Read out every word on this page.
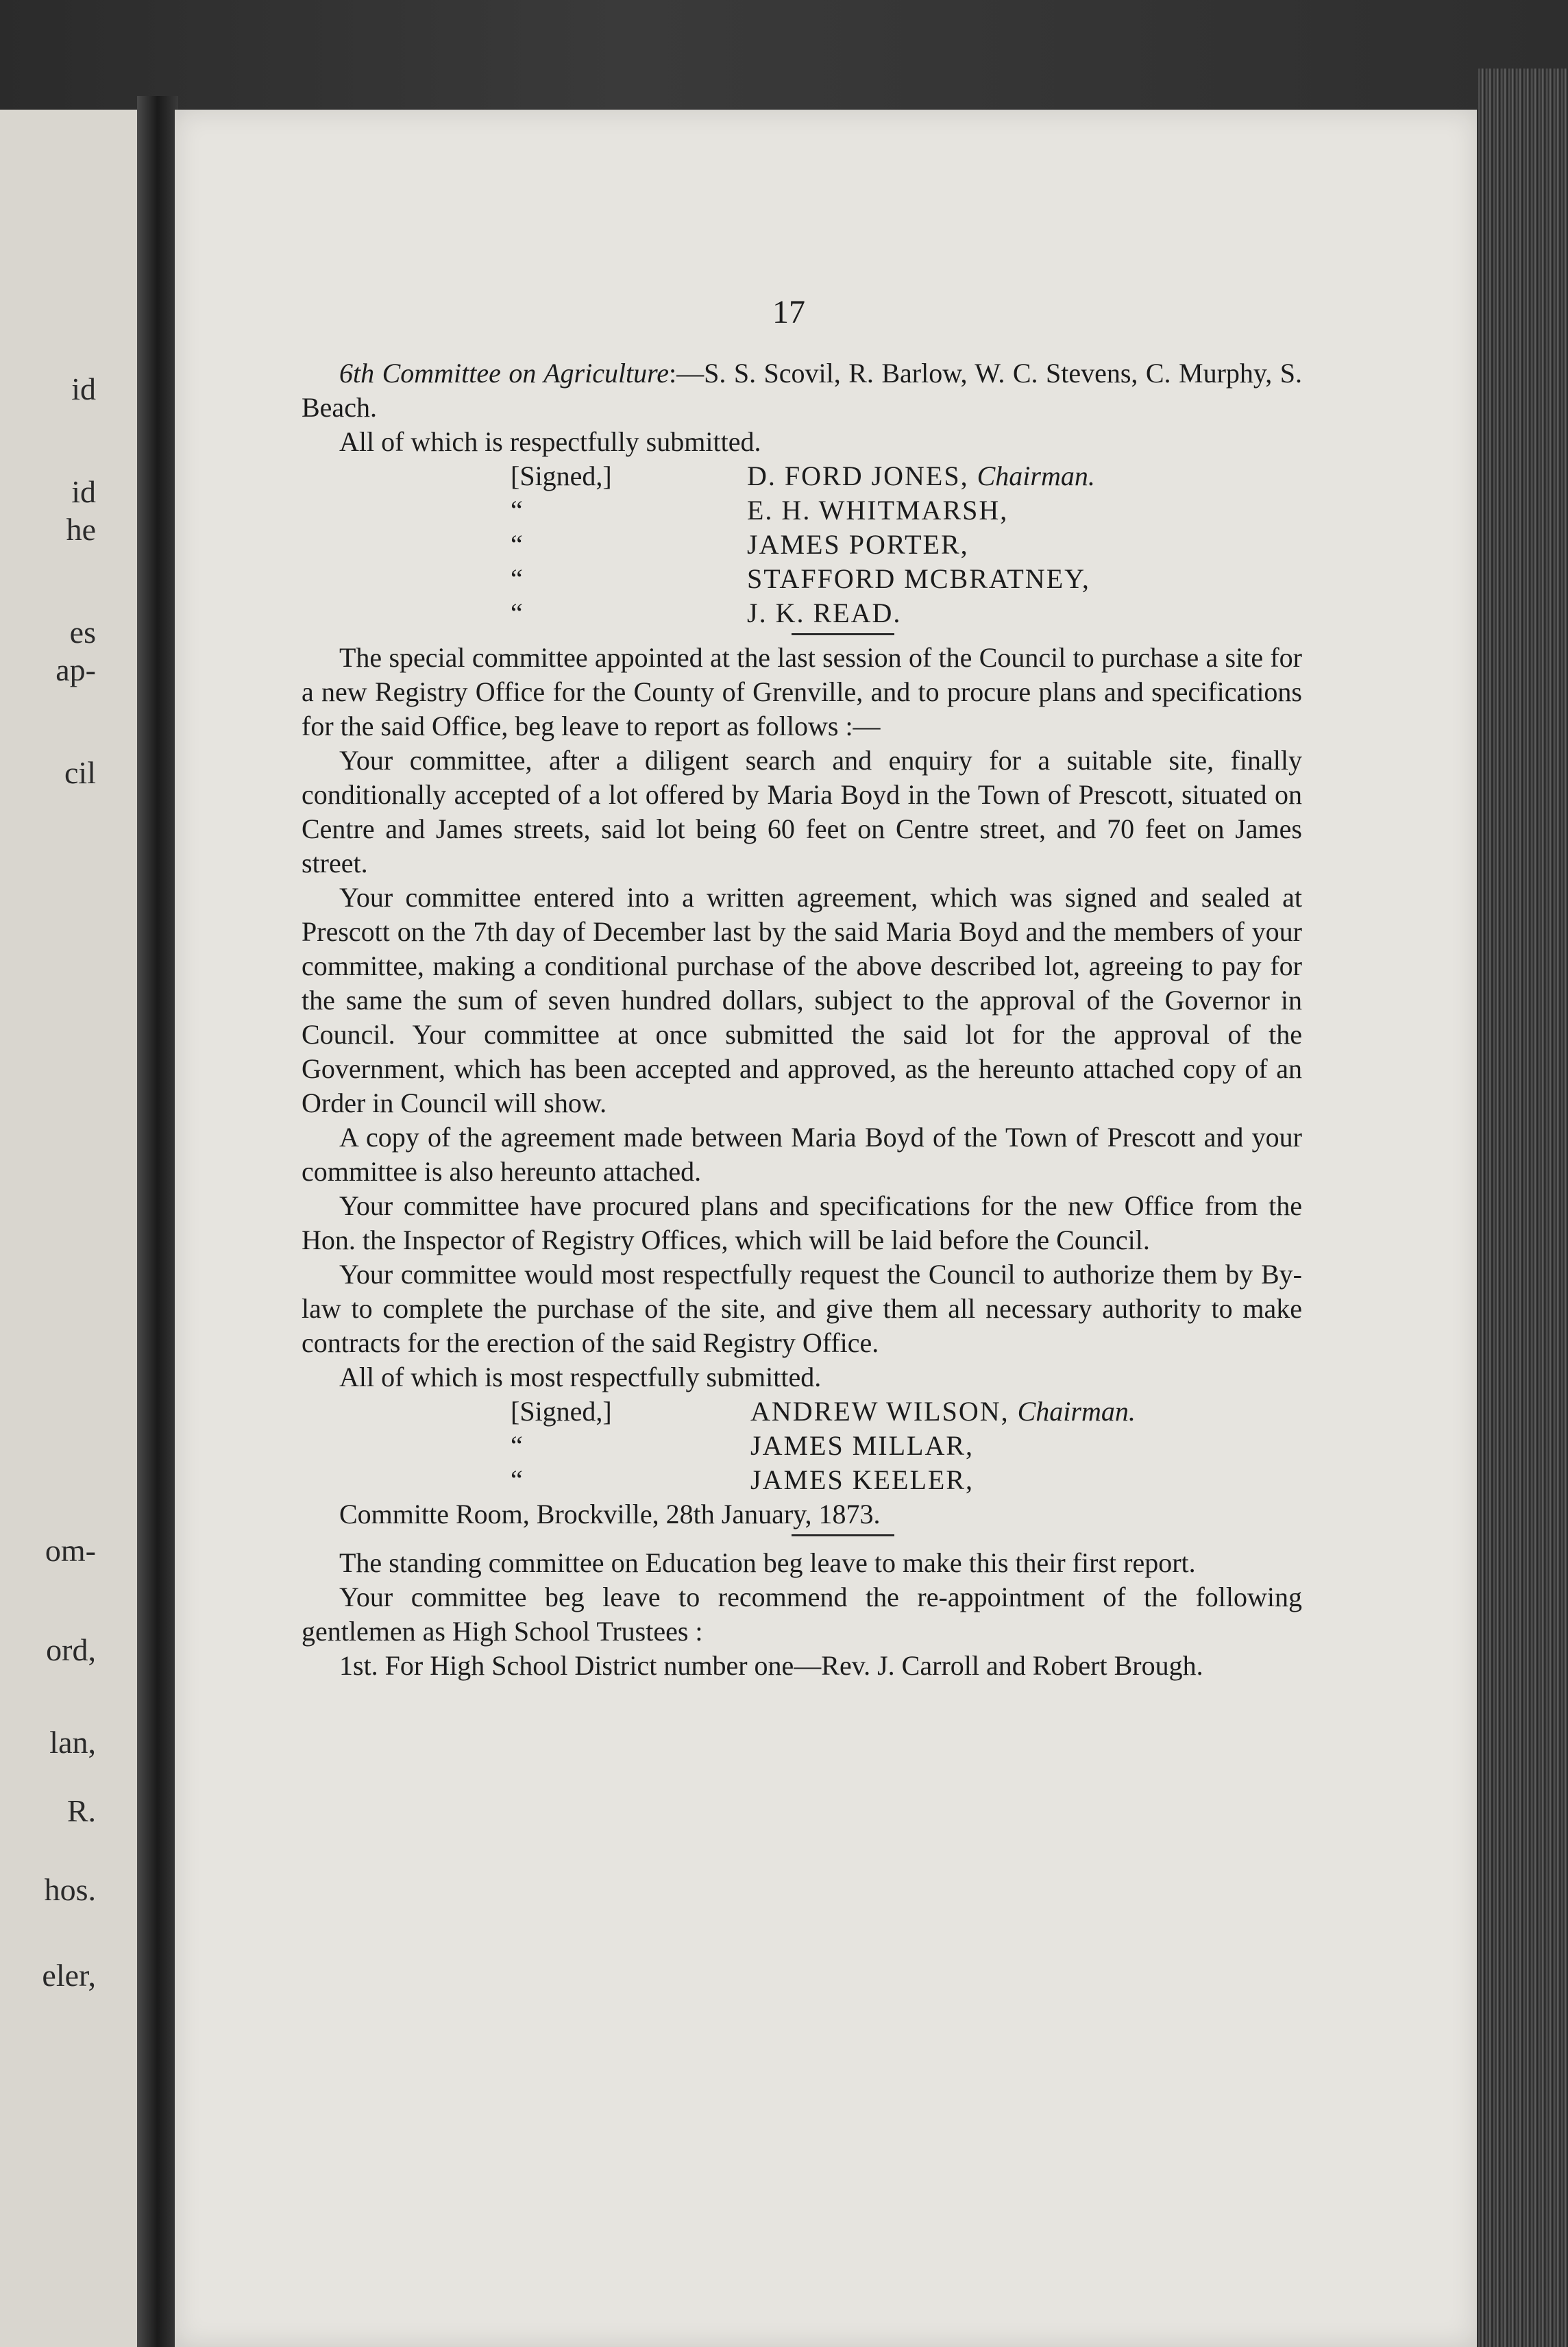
id
id
he
es
ap-
cil
om-
ord,
lan,
R.
hos.
eler,
17

6th Committee on Agriculture:—S. S. Scovil, R. Barlow, W. C. Stevens, C. Murphy, S. Beach.

All of which is respectfully submitted.

[Signed,]	D. FORD JONES, Chairman.
“	E. H. WHITMARSH,
“	JAMES PORTER,
“	STAFFORD MCBRATNEY,
“	J. K. READ.

The special committee appointed at the last session of the Council to purchase a site for a new Registry Office for the County of Grenville, and to procure plans and specifications for the said Office, beg leave to report as follows :—

Your committee, after a diligent search and enquiry for a suitable site, finally conditionally accepted of a lot offered by Maria Boyd in the Town of Prescott, situated on Centre and James streets, said lot being 60 feet on Centre street, and 70 feet on James street.

Your committee entered into a written agreement, which was signed and sealed at Prescott on the 7th day of December last by the said Maria Boyd and the members of your committee, making a conditional purchase of the above described lot, agreeing to pay for the same the sum of seven hundred dollars, subject to the approval of the Governor in Council. Your committee at once submitted the said lot for the approval of the Government, which has been accepted and approved, as the hereunto attached copy of an Order in Council will show.

A copy of the agreement made between Maria Boyd of the Town of Prescott and your committee is also hereunto attached.

Your committee have procured plans and specifications for the new Office from the Hon. the Inspector of Registry Offices, which will be laid before the Council.

Your committee would most respectfully request the Council to authorize them by By-law to complete the purchase of the site, and give them all necessary authority to make contracts for the erection of the said Registry Office.

All of which is most respectfully submitted.

[Signed,]	ANDREW WILSON, Chairman.
“	JAMES MILLAR,
“	JAMES KEELER,

Committe Room, Brockville, 28th January, 1873.

The standing committee on Education beg leave to make this their first report.

Your committee beg leave to recommend the re-appointment of the following gentlemen as High School Trustees :

1st. For High School District number one—Rev. J. Carroll and Robert Brough.
